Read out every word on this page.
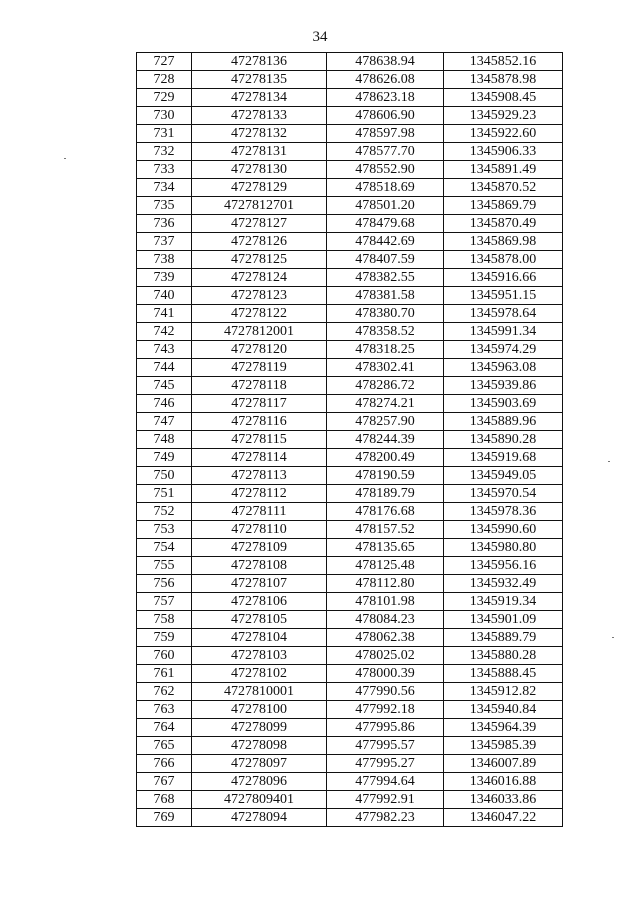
34
727	47278136	478638.94	1345852.16
728	47278135	478626.08	1345878.98
729	47278134	478623.18	1345908.45
730	47278133	478606.90	1345929.23
731	47278132	478597.98	1345922.60
732	47278131	478577.70	1345906.33
733	47278130	478552.90	1345891.49
734	47278129	478518.69	1345870.52
735	4727812701	478501.20	1345869.79
736	47278127	478479.68	1345870.49
737	47278126	478442.69	1345869.98
738	47278125	478407.59	1345878.00
739	47278124	478382.55	1345916.66
740	47278123	478381.58	1345951.15
741	47278122	478380.70	1345978.64
742	4727812001	478358.52	1345991.34
743	47278120	478318.25	1345974.29
744	47278119	478302.41	1345963.08
745	47278118	478286.72	1345939.86
746	47278117	478274.21	1345903.69
747	47278116	478257.90	1345889.96
748	47278115	478244.39	1345890.28
749	47278114	478200.49	1345919.68
750	47278113	478190.59	1345949.05
751	47278112	478189.79	1345970.54
752	47278111	478176.68	1345978.36
753	47278110	478157.52	1345990.60
754	47278109	478135.65	1345980.80
755	47278108	478125.48	1345956.16
756	47278107	478112.80	1345932.49
757	47278106	478101.98	1345919.34
758	47278105	478084.23	1345901.09
759	47278104	478062.38	1345889.79
760	47278103	478025.02	1345880.28
761	47278102	478000.39	1345888.45
762	4727810001	477990.56	1345912.82
763	47278100	477992.18	1345940.84
764	47278099	477995.86	1345964.39
765	47278098	477995.57	1345985.39
766	47278097	477995.27	1346007.89
767	47278096	477994.64	1346016.88
768	4727809401	477992.91	1346033.86
769	47278094	477982.23	1346047.22
